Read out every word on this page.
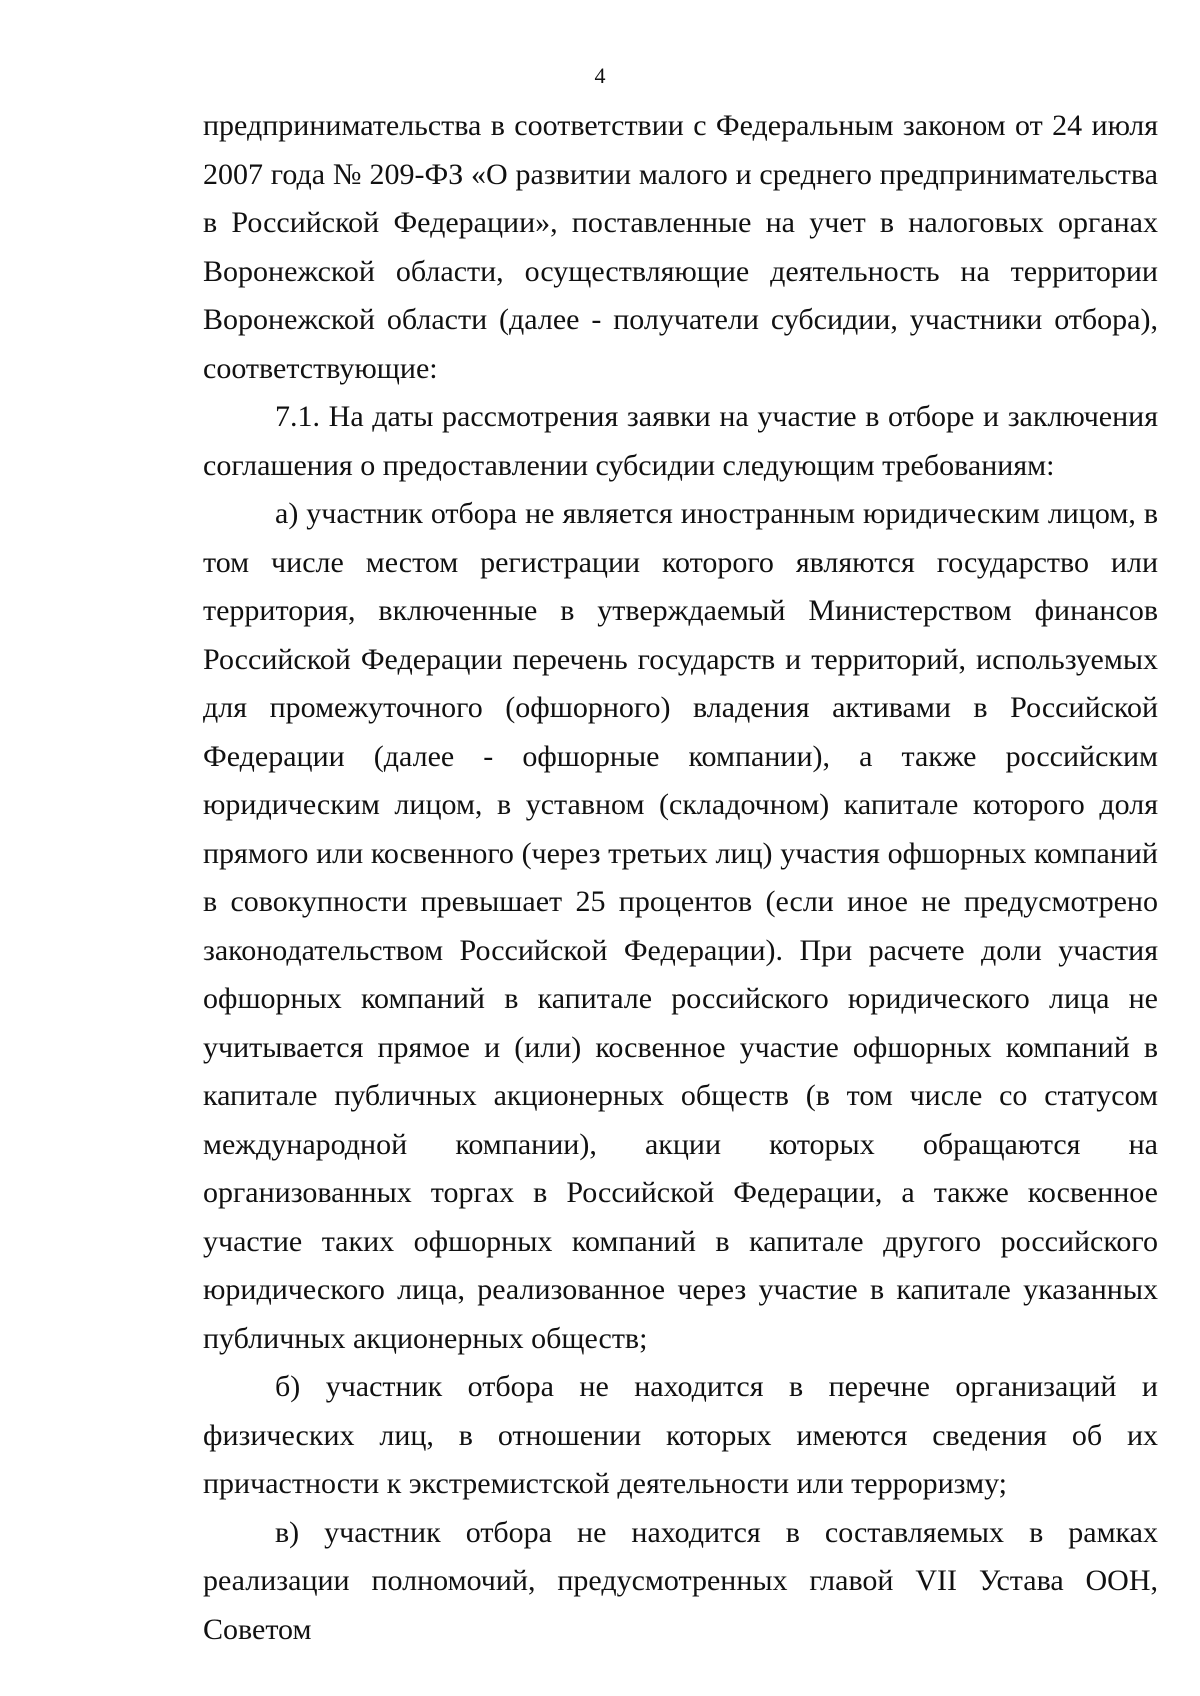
4

предпринимательства в соответствии с Федеральным законом от 24 июля 2007 года № 209-ФЗ «О развитии малого и среднего предпринимательства в Российской Федерации», поставленные на учет в налоговых органах Воронежской области, осуществляющие деятельность на территории Воронежской области (далее - получатели субсидии, участники отбора), соответствующие:

7.1. На даты рассмотрения заявки на участие в отборе и заключения соглашения о предоставлении субсидии следующим требованиям:

а) участник отбора не является иностранным юридическим лицом, в том числе местом регистрации которого являются государство или территория, включенные в утверждаемый Министерством финансов Российской Федерации перечень государств и территорий, используемых для промежуточного (офшорного) владения активами в Российской Федерации (далее - офшорные компании), а также российским юридическим лицом, в уставном (складочном) капитале которого доля прямого или косвенного (через третьих лиц) участия офшорных компаний в совокупности превышает 25 процентов (если иное не предусмотрено законодательством Российской Федерации). При расчете доли участия офшорных компаний в капитале российского юридического лица не учитывается прямое и (или) косвенное участие офшорных компаний в капитале публичных акционерных обществ (в том числе со статусом международной компании), акции которых обращаются на организованных торгах в Российской Федерации, а также косвенное участие таких офшорных компаний в капитале другого российского юридического лица, реализованное через участие в капитале указанных публичных акционерных обществ;

б) участник отбора не находится в перечне организаций и физических лиц, в отношении которых имеются сведения об их причастности к экстремистской деятельности или терроризму;

в) участник отбора не находится в составляемых в рамках реализации полномочий, предусмотренных главой VII Устава ООН, Советом
